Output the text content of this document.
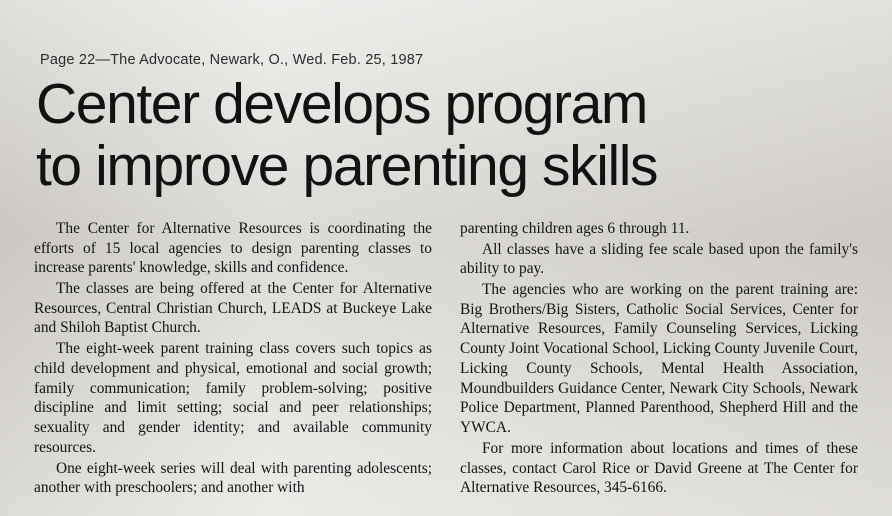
Page 22—The Advocate, Newark, O., Wed. Feb. 25, 1987
Center develops program
to improve parenting skills

The Center for Alternative Resources is coordinating the efforts of 15 local agencies to design parenting classes to increase parents' knowledge, skills and confidence.

The classes are being offered at the Center for Alternative Resources, Central Christian Church, LEADS at Buckeye Lake and Shiloh Baptist Church.

The eight-week parent training class covers such topics as child development and physical, emotional and social growth; family communication; family problem-solving; positive discipline and limit setting; social and peer relationships; sexuality and gender identity; and available community resources.

One eight-week series will deal with parenting adolescents; another with preschoolers; and another with

parenting children ages 6 through 11.

All classes have a sliding fee scale based upon the family's ability to pay.

The agencies who are working on the parent training are: Big Brothers/Big Sisters, Catholic Social Services, Center for Alternative Resources, Family Counseling Services, Licking County Joint Vocational School, Licking County Juvenile Court, Licking County Schools, Mental Health Association, Moundbuilders Guidance Center, Newark City Schools, Newark Police Department, Planned Parenthood, Shepherd Hill and the YWCA.

For more information about locations and times of these classes, contact Carol Rice or David Greene at The Center for Alternative Resources, 345-6166.
